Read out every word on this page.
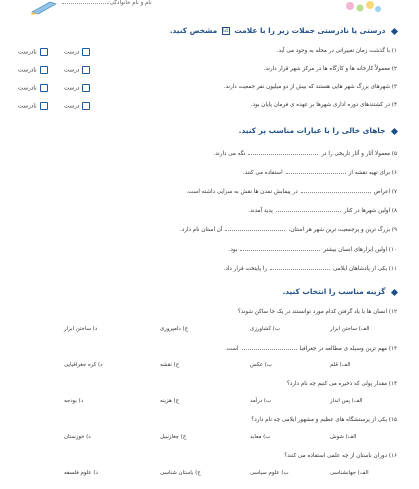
نام و نام خانوادگی:
درستی یا نادرستی جملات زیر را با علامت ☑ مشخص کنید.
۱) با گذشت زمان تغییراتی در محله به وجود می آید.
درست
نادرست
۲) معمولاً کارخانه ها و کارگاه ها در مرکز شهر قرار دارند.
درست
نادرست
۳) شهرهای بزرگ شهر هایی هستند که بیش از دو میلیون نفر جمعیت دارند.
درست
نادرست
۴) در کشتندهای دوره اداری شهرها بر عهده ی فرمان پایان بود.
درست
نادرست
جاهای خالی را با عبارات مناسب پر کنید.
۵) معمولا آثار و آثار تاریخی را درنگه می دارند.
۶) برای تهیه نقشه ازاستفاده می کنند.
۷) اعراضدر پیمایش تمدن ها نقش به سزایی داشته است.
۸) اولین شهرها در کنارپدید آمدند.
۹) بزرگ ترین و پرجمعیت ترین شهر هر استان،آن استان نام دارد.
۱۰) اولین ابزارهای انسان بیشتربود.
۱۱) یکی از پادشاهان ایلامیرا پایتخت قرار داد.
گزینه مناسب را انتخاب کنید.
۱۲) انسان ها با یاد گرفتن کدام مورد توانستند در یک جا ساکن شوند؟
الف) ساختن ابزار
ب) کشاورزی
ج) دامپروری
د) ساختن ابزار
۱۳) مهم ترین وسیله ی مطالعه در جغرافیااست.
الف) قلم
ب) عکس
ج) نقشه
د) کره جغرافیایی
۱۴) مقدار پولی که ذخیره می کنیم چه نام دارد؟
الف) پس انداز
ب) درآمد
ج) هزینه
د) بودجه
۱۵) یکی از پرستشگاه های عظیم و مشهور ایلامی چه نام دارد؟
الف) شوش
ب) معابد
ج) چغازنبیل
د) خوزستان
۱۶) دوران باستان از چه علمی استفاده می کنند؟
الف) جهانشناسی
ب) علوم سیاسی
ج) باستان شناسی
د) علوم فلسفه
